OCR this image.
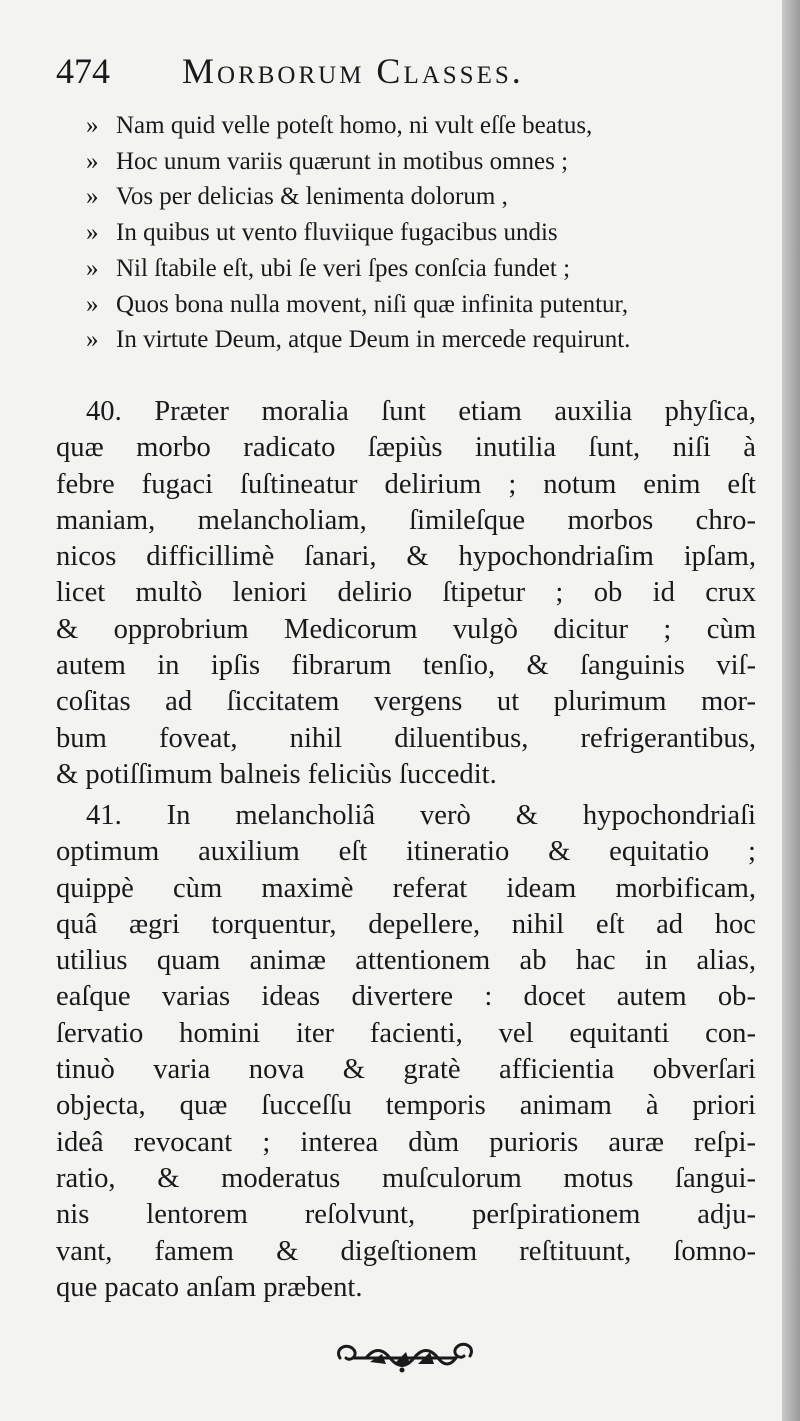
474 Morborum Classes.
» Nam quid velle poteſt homo, ni vult eſſe beatus,
» Hoc unum variis quærunt in motibus omnes ;
» Vos per delicias & lenimenta dolorum ,
» In quibus ut vento fluviique fugacibus undis
» Nil ſtabile eſt, ubi ſe veri ſpes conſcia fundet ;
» Quos bona nulla movent, niſi quæ infinita putentur,
» In virtute Deum, atque Deum in mercede requirunt.
40. Præter moralia ſunt etiam auxilia phyſica,
quæ morbo radicato ſæpiùs inutilia ſunt, niſi à
febre fugaci ſuſtineatur delirium ; notum enim eſt
maniam, melancholiam, ſimileſque morbos chro-
nicos difficillimè ſanari, & hypochondriaſim ipſam,
licet multò leniori delirio ſtipetur ; ob id crux
& opprobrium Medicorum vulgò dicitur ; cùm
autem in ipſis fibrarum tenſio, & ſanguinis viſ-
coſitas ad ſiccitatem vergens ut plurimum mor-
bum foveat, nihil diluentibus, refrigerantibus,
& potiſſimum balneis feliciùs ſuccedit.
41. In melancholiâ verò & hypochondriaſi
optimum auxilium eſt itineratio & equitatio ;
quippè cùm maximè referat ideam morbificam,
quâ ægri torquentur, depellere, nihil eſt ad hoc
utilius quam animæ attentionem ab hac in alias,
eaſque varias ideas divertere : docet autem ob-
ſervatio homini iter facienti, vel equitanti con-
tinuò varia nova & gratè afficientia obverſari
objecta, quæ ſucceſſu temporis animam à priori
ideâ revocant ; interea dùm purioris auræ reſpi-
ratio, & moderatus muſculorum motus ſangui-
nis lentorem reſolvunt, perſpirationem adju-
vant, famem & digeſtionem reſtituunt, ſomno-
que pacato anſam præbent.
